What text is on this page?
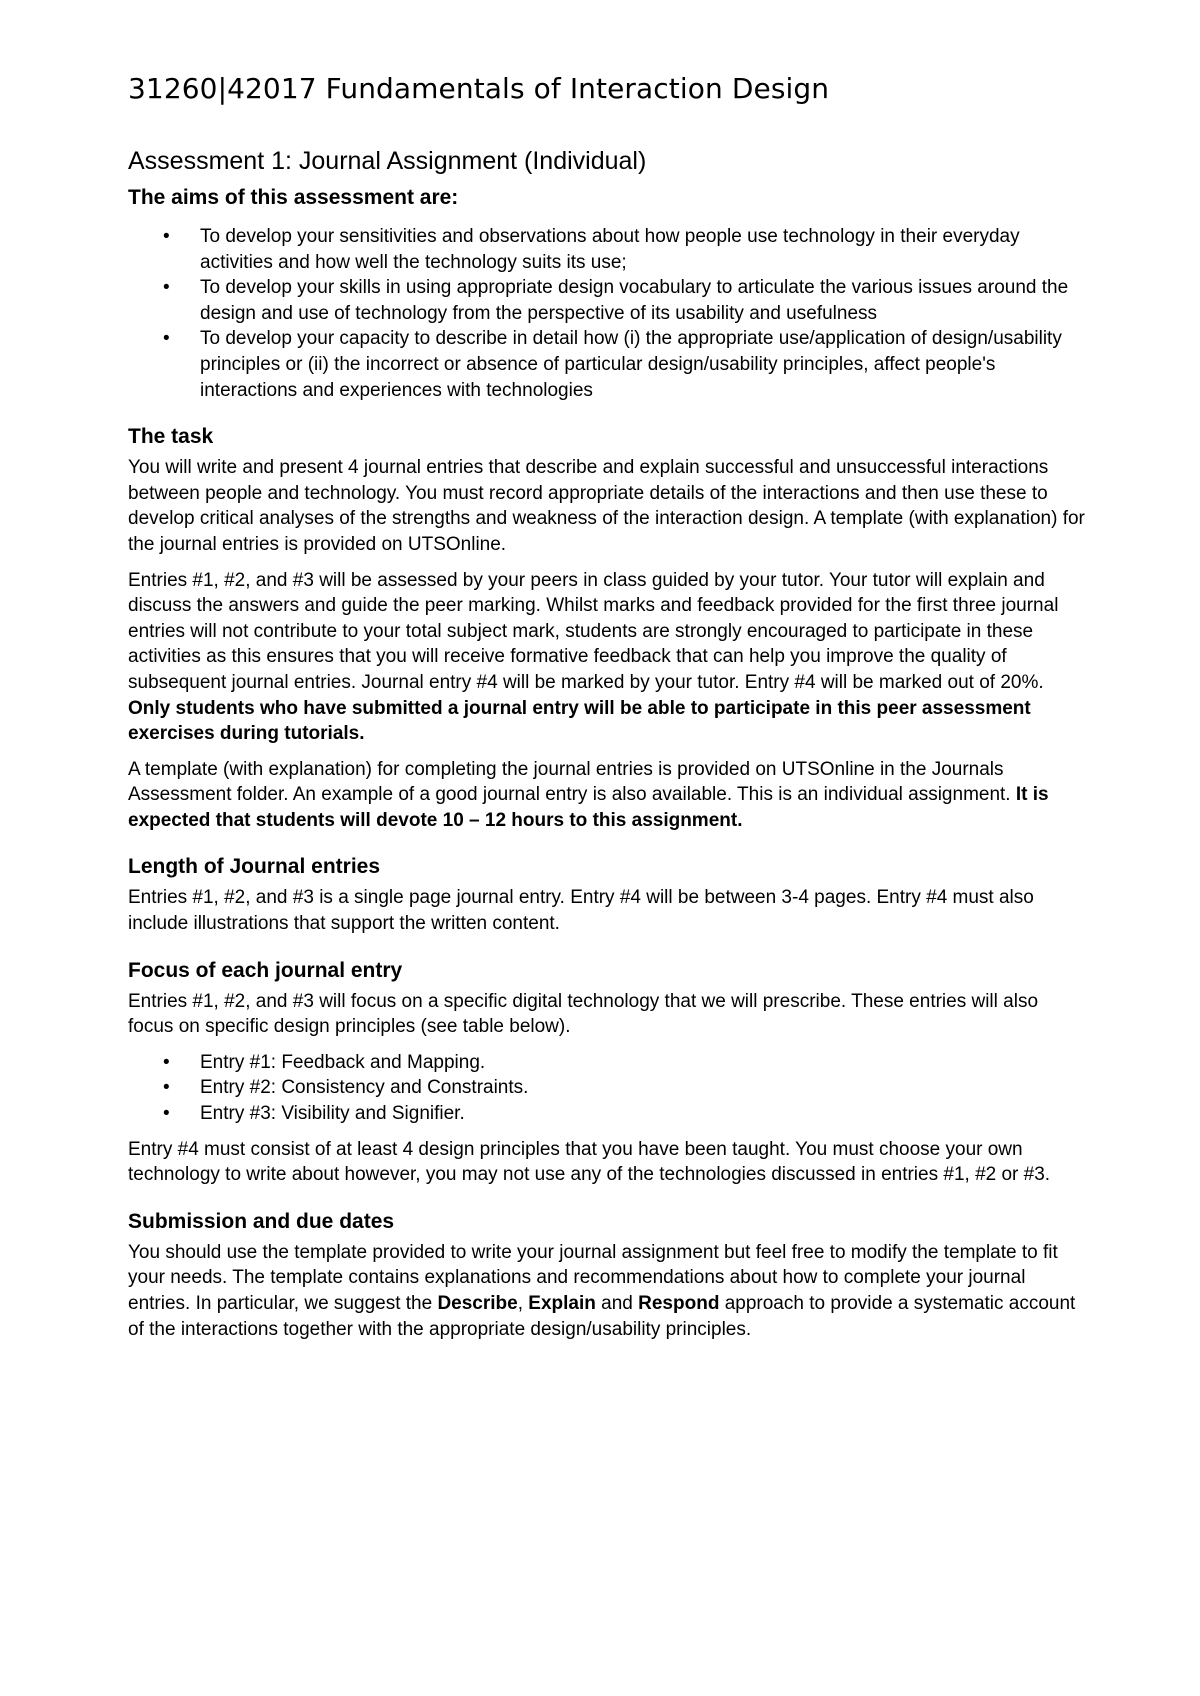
31260|42017 Fundamentals of Interaction Design
Assessment 1: Journal Assignment (Individual)
The aims of this assessment are:
• To develop your sensitivities and observations about how people use technology in their everyday activities and how well the technology suits its use;
• To develop your skills in using appropriate design vocabulary to articulate the various issues around the design and use of technology from the perspective of its usability and usefulness
• To develop your capacity to describe in detail how (i) the appropriate use/application of design/usability principles or (ii) the incorrect or absence of particular design/usability principles, affect people's interactions and experiences with technologies
The task

You will write and present 4 journal entries that describe and explain successful and unsuccessful interactions between people and technology. You must record appropriate details of the interactions and then use these to develop critical analyses of the strengths and weakness of the interaction design. A template (with explanation) for the journal entries is provided on UTSOnline.

Entries #1, #2, and #3 will be assessed by your peers in class guided by your tutor. Your tutor will explain and discuss the answers and guide the peer marking. Whilst marks and feedback provided for the first three journal entries will not contribute to your total subject mark, students are strongly encouraged to participate in these activities as this ensures that you will receive formative feedback that can help you improve the quality of subsequent journal entries. Journal entry #4 will be marked by your tutor. Entry #4 will be marked out of 20%. Only students who have submitted a journal entry will be able to participate in this peer assessment exercises during tutorials.

A template (with explanation) for completing the journal entries is provided on UTSOnline in the Journals Assessment folder. An example of a good journal entry is also available. This is an individual assignment. It is expected that students will devote 10 – 12 hours to this assignment.

Length of Journal entries

Entries #1, #2, and #3 is a single page journal entry. Entry #4 will be between 3-4 pages. Entry #4 must also include illustrations that support the written content.

Focus of each journal entry

Entries #1, #2, and #3 will focus on a specific digital technology that we will prescribe. These entries will also focus on specific design principles (see table below).

• Entry #1: Feedback and Mapping.
• Entry #2: Consistency and Constraints.
• Entry #3: Visibility and Signifier.

Entry #4 must consist of at least 4 design principles that you have been taught. You must choose your own technology to write about however, you may not use any of the technologies discussed in entries #1, #2 or #3.

Submission and due dates

You should use the template provided to write your journal assignment but feel free to modify the template to fit your needs. The template contains explanations and recommendations about how to complete your journal entries. In particular, we suggest the Describe, Explain and Respond approach to provide a systematic account of the interactions together with the appropriate design/usability principles.
